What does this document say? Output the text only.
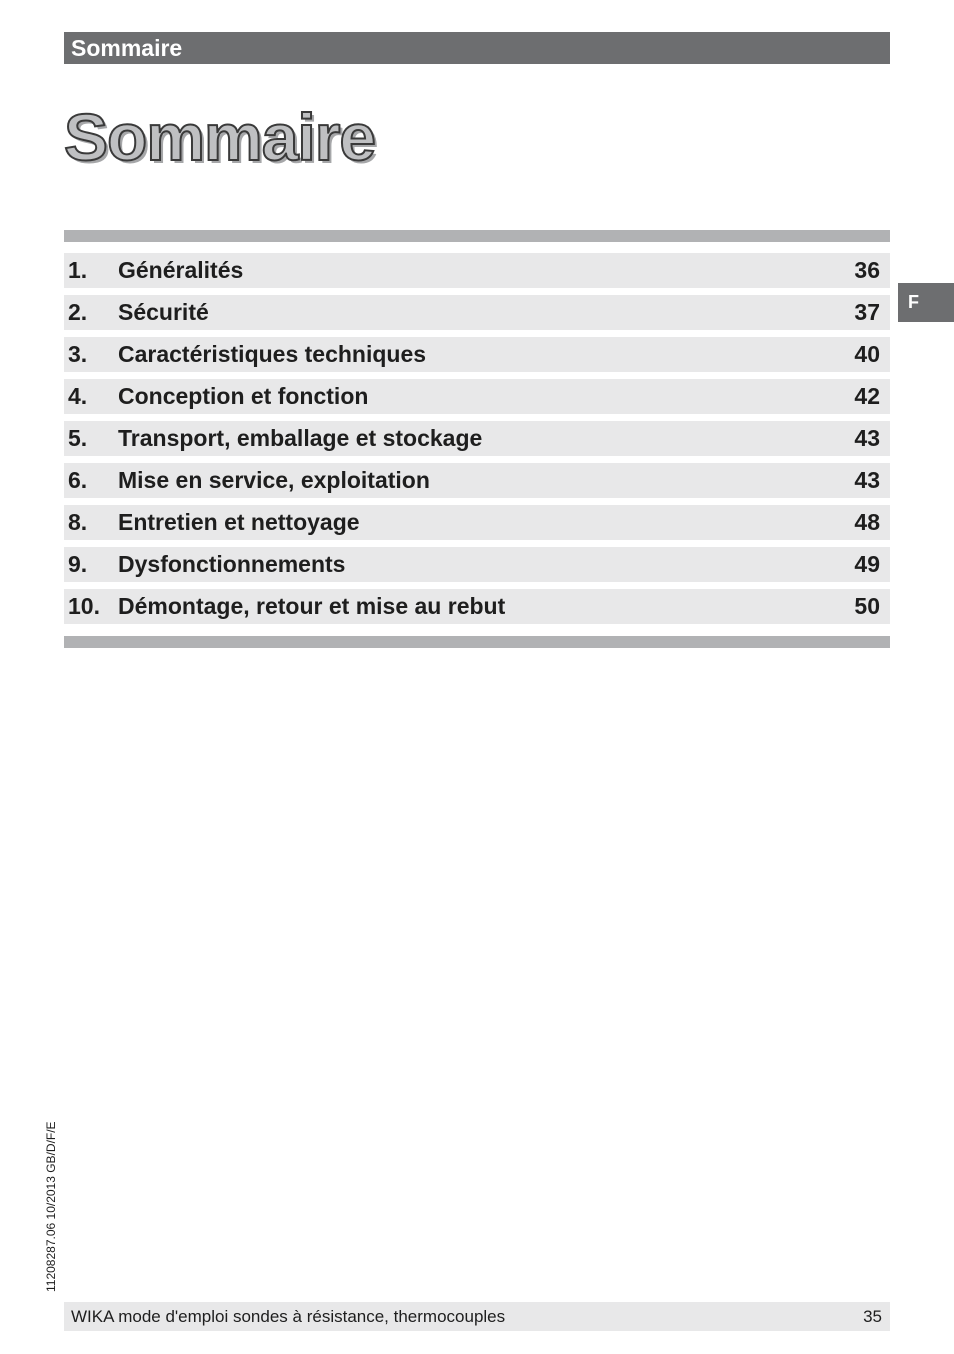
Sommaire
Sommaire
1. Généralités	36
2. Sécurité	37
3. Caractéristiques techniques	40
4. Conception et fonction	42
5. Transport, emballage et stockage	43
6. Mise en service, exploitation	43
8. Entretien et nettoyage	48
9. Dysfonctionnements	49
10. Démontage, retour et mise au rebut	50
F
11208287.06 10/2013 GB/D/F/E
WIKA mode d'emploi sondes à résistance, thermocouples	35
